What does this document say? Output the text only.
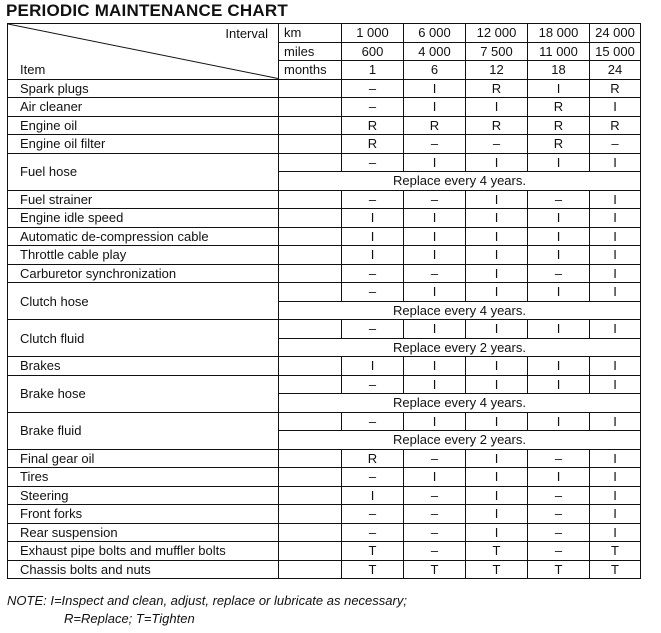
PERIODIC MAINTENANCE CHART
Interval
Item	km	1 000	6 000	12 000	18 000	24 000
	miles	600	4 000	7 500	11 000	15 000
	months	1	6	12	18	24
Spark plugs		–	I	R	I	R
Air cleaner		–	I	I	R	I
Engine oil		R	R	R	R	R
Engine oil filter		R	–	–	R	–
Fuel hose		–	I	I	I	I
	Replace every 4 years.					
Fuel strainer		–	–	I	–	I
Engine idle speed		I	I	I	I	I
Automatic de-compression cable		I	I	I	I	I
Throttle cable play		I	I	I	I	I
Carburetor synchronization		–	–	I	–	I
Clutch hose		–	I	I	I	I
	Replace every 4 years.					
Clutch fluid		–	I	I	I	I
	Replace every 2 years.					
Brakes		I	I	I	I	I
Brake hose		–	I	I	I	I
	Replace every 4 years.					
Brake fluid		–	I	I	I	I
	Replace every 2 years.					
Final gear oil		R	–	I	–	I
Tires		–	I	I	I	I
Steering		I	–	I	–	I
Front forks		–	–	I	–	I
Rear suspension		–	–	I	–	I
Exhaust pipe bolts and muffler bolts		T	–	T	–	T
Chassis bolts and nuts		T	T	T	T	T
NOTE: I=Inspect and clean, adjust, replace or lubricate as necessary;
R=Replace; T=Tighten
